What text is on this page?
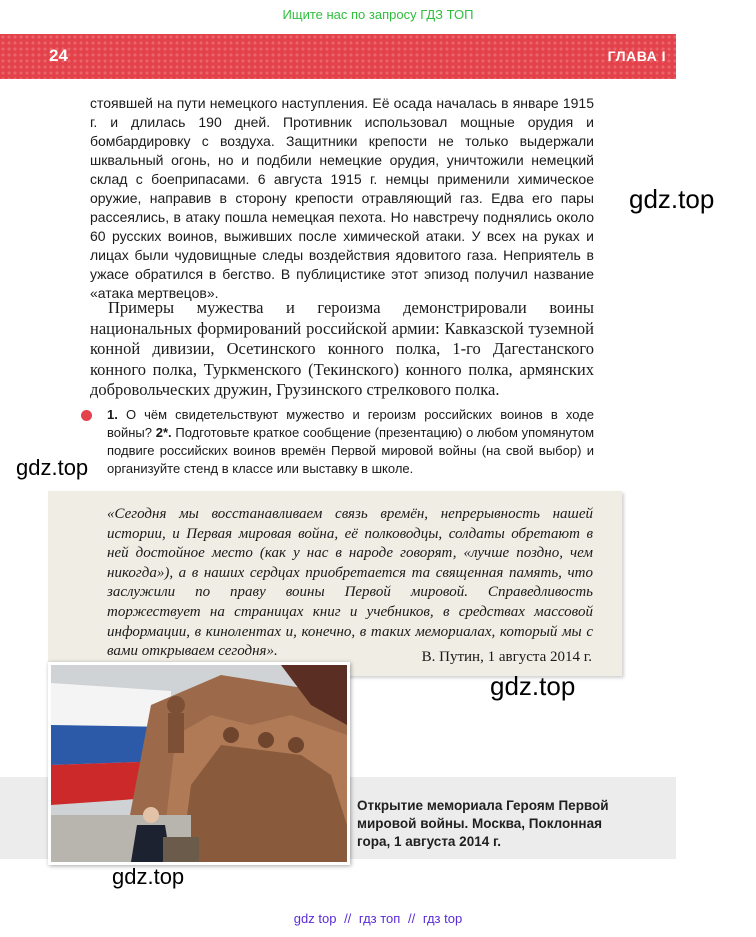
Ищите нас по запросу ГДЗ ТОП
24	ГЛАВА I

стоявшей на пути немецкого наступления. Её осада началась в январе 1915 г. и длилась 190 дней. Противник использовал мощные орудия и бомбардировку с воздуха. Защитники крепости не только выдержали шквальный огонь, но и подбили немецкие орудия, уничтожили немецкий склад с боеприпасами. 6 августа 1915 г. немцы применили химическое оружие, направив в сторону крепости отравляющий газ. Едва его пары рассеялись, в атаку пошла немецкая пехота. Но навстречу поднялись около 60 русских воинов, выживших после химической атаки. У всех на руках и лицах были чудовищные следы воздействия ядовитого газа. Неприятель в ужасе обратился в бегство. В публицистике этот эпизод получил название «атака мертвецов».

Примеры мужества и героизма демонстрировали воины национальных формирований российской армии: Кавказской туземной конной дивизии, Осетинского конного полка, 1-го Дагестанского конного полка, Туркменского (Текинского) конного полка, армянских добровольческих дружин, Грузинского стрелкового полка.

1. О чём свидетельствуют мужество и героизм российских воинов в ходе войны? 2*. Подготовьте краткое сообщение (презентацию) о любом упомянутом подвиге российских воинов времён Первой мировой войны (на свой выбор) и организуйте стенд в классе или выставку в школе.

«Сегодня мы восстанавливаем связь времён, непрерывность нашей истории, и Первая мировая война, её полководцы, солдаты обретают в ней достойное место (как у нас в народе говорят, «лучше поздно, чем никогда»), а в наших сердцах приобретается та священная память, что заслужили по праву воины Первой мировой. Справедливость торжествует на страницах книг и учебников, в средствах массовой информации, в кинолентах и, конечно, в таких мемориалах, который мы с вами открываем сегодня».	В. Путин, 1 августа 2014 г.

Открытие мемориала Героям Первой мировой войны. Москва, Поклонная гора, 1 августа 2014 г.

gdz.top
gdz.top
gdz.top
gdz.top
gdz top // гдз топ // гдз top
